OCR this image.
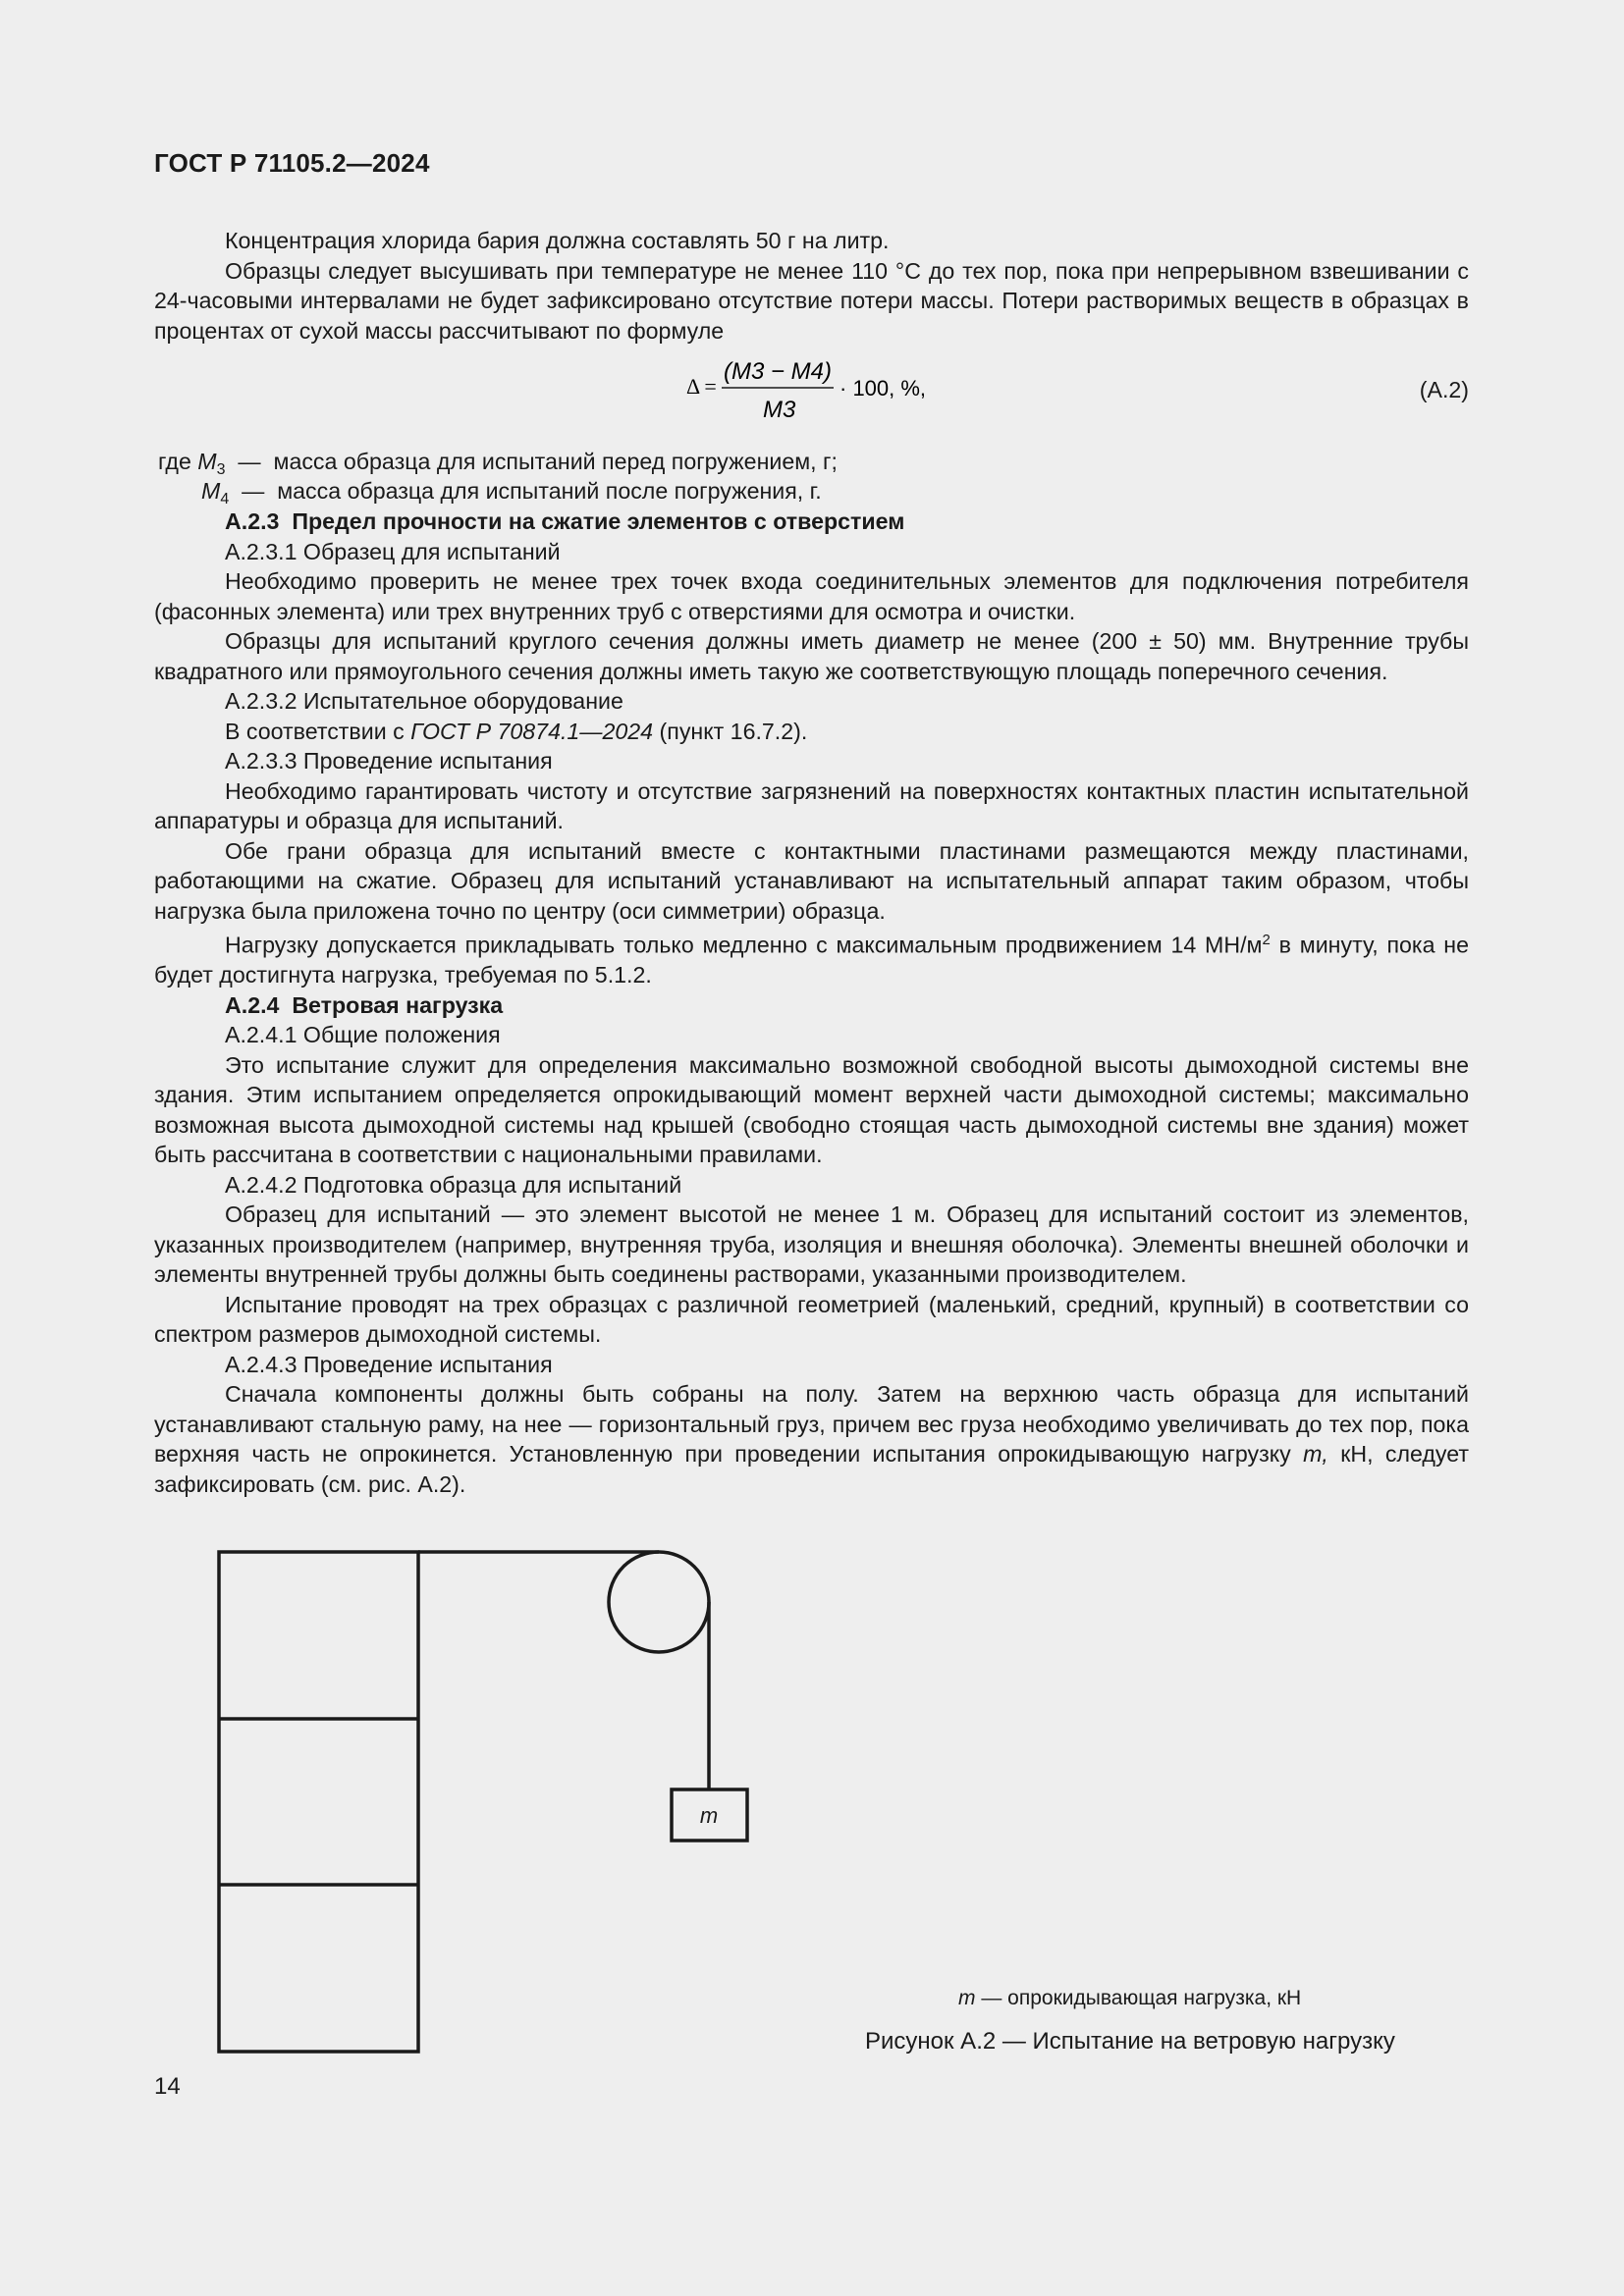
ГОСТ Р 71105.2—2024

Концентрация хлорида бария должна составлять 50 г на литр.

Образцы следует высушивать при температуре не менее 110 °С до тех пор, пока при непрерывном взвешивании с 24-часовыми интервалами не будет зафиксировано отсутствие потери массы. Потери растворимых веществ в образцах в процентах от сухой массы рассчитывают по формуле

Δ =
(M3 − M4)
M3
· 100, %,	(А.2)
где $M_3$ — масса образца для испытаний перед погружением, г;
$M_4$ — масса образца для испытаний после погружения, г.

А.2.3 Предел прочности на сжатие элементов с отверстием

А.2.3.1 Образец для испытаний

Необходимо проверить не менее трех точек входа соединительных элементов для подключения потребителя (фасонных элемента) или трех внутренних труб с отверстиями для осмотра и очистки.

Образцы для испытаний круглого сечения должны иметь диаметр не менее (200 ± 50) мм. Внутренние трубы квадратного или прямоугольного сечения должны иметь такую же соответствующую площадь поперечного сечения.

А.2.3.2 Испытательное оборудование

В соответствии с ГОСТ Р 70874.1—2024 (пункт 16.7.2).

А.2.3.3 Проведение испытания

Необходимо гарантировать чистоту и отсутствие загрязнений на поверхностях контактных пластин испытательной аппаратуры и образца для испытаний.

Обе грани образца для испытаний вместе с контактными пластинами размещаются между пластинами, работающими на сжатие. Образец для испытаний устанавливают на испытательный аппарат таким образом, чтобы нагрузка была приложена точно по центру (оси симметрии) образца.

Нагрузку допускается прикладывать только медленно с максимальным продвижением 14 $МН/м^2$ в минуту, пока не будет достигнута нагрузка, требуемая по 5.1.2.

А.2.4 Ветровая нагрузка

А.2.4.1 Общие положения

Это испытание служит для определения максимально возможной свободной высоты дымоходной системы вне здания. Этим испытанием определяется опрокидывающий момент верхней части дымоходной системы; максимально возможная высота дымоходной системы над крышей (свободно стоящая часть дымоходной системы вне здания) может быть рассчитана в соответствии с национальными правилами.

А.2.4.2 Подготовка образца для испытаний

Образец для испытаний — это элемент высотой не менее 1 м. Образец для испытаний состоит из элементов, указанных производителем (например, внутренняя труба, изоляция и внешняя оболочка). Элементы внешней оболочки и элементы внутренней трубы должны быть соединены растворами, указанными производителем.

Испытание проводят на трех образцах с различной геометрией (маленький, средний, крупный) в соответствии со спектром размеров дымоходной системы.

А.2.4.3 Проведение испытания

Сначала компоненты должны быть собраны на полу. Затем на верхнюю часть образца для испытаний устанавливают стальную раму, на нее — горизонтальный груз, причем вес груза необходимо увеличивать до тех пор, пока верхняя часть не опрокинется. Установленную при проведении испытания опрокидывающую нагрузку m, кН, следует зафиксировать (см. рис. А.2).

m
m — опрокидывающая нагрузка, кН
Рисунок А.2 — Испытание на ветровую нагрузку
14
